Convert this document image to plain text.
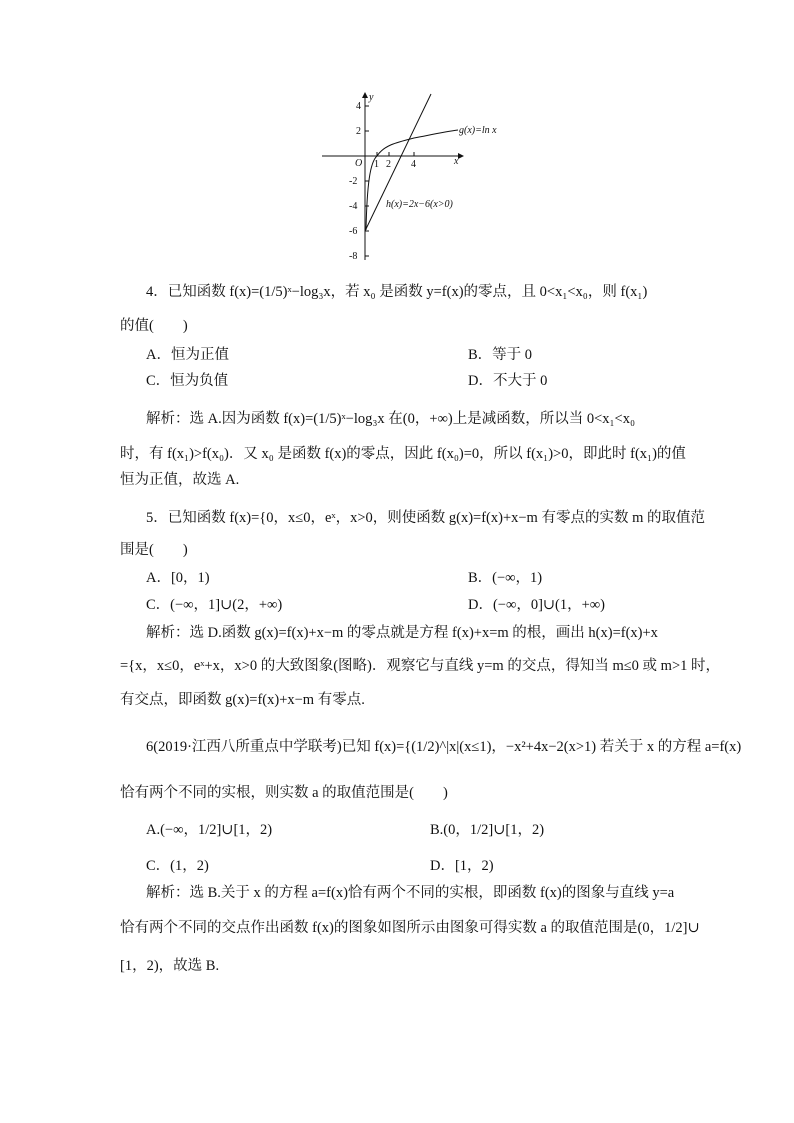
y
x
O
4
2
-2
-4
-6
-8
1 2 4
g(x)=ln x
h(x)=2x−6(x>0)
4．已知函数 f(x)=(1/5)ˣ−log₃x，若 x₀ 是函数 y=f(x)的零点，且 0<x₁<x₀，则 f(x₁)
的值(　　)
A．恒为正值	B．等于 0
C．恒为负值	D．不大于 0
解析：选 A.因为函数 f(x)=(1/5)ˣ−log₃x 在(0，+∞)上是减函数，所以当 0<x₁<x₀
时，有 f(x₁)>f(x₀)．又 x₀ 是函数 f(x)的零点，因此 f(x₀)=0，所以 f(x₁)>0，即此时 f(x₁)的值
恒为正值，故选 A.
5．已知函数 f(x)={0，x≤0，eˣ，x>0，则使函数 g(x)=f(x)+x−m 有零点的实数 m 的取值范
围是(　　)
A．[0，1)	B．(−∞，1)
C．(−∞，1]∪(2，+∞)	D．(−∞，0]∪(1，+∞)
解析：选 D.函数 g(x)=f(x)+x−m 的零点就是方程 f(x)+x=m 的根，画出 h(x)=f(x)+x
={x，x≤0，eˣ+x，x>0 的大致图象(图略)．观察它与直线 y=m 的交点，得知当 m≤0 或 m>1 时，
有交点，即函数 g(x)=f(x)+x−m 有零点.
6(2019·江西八所重点中学联考)已知 f(x)={(1/2)^|x|(x≤1)，−x²+4x−2(x>1) 若关于 x 的方程 a=f(x)
恰有两个不同的实根，则实数 a 的取值范围是(　　)
A.(−∞，1/2]∪[1，2)	B.(0，1/2]∪[1，2)
C．(1，2)	D．[1，2)
解析：选 B.关于 x 的方程 a=f(x)恰有两个不同的实根，即函数 f(x)的图象与直线 y=a
恰有两个不同的交点作出函数 f(x)的图象如图所示由图象可得实数 a 的取值范围是(0，1/2]∪
[1，2)，故选 B.
